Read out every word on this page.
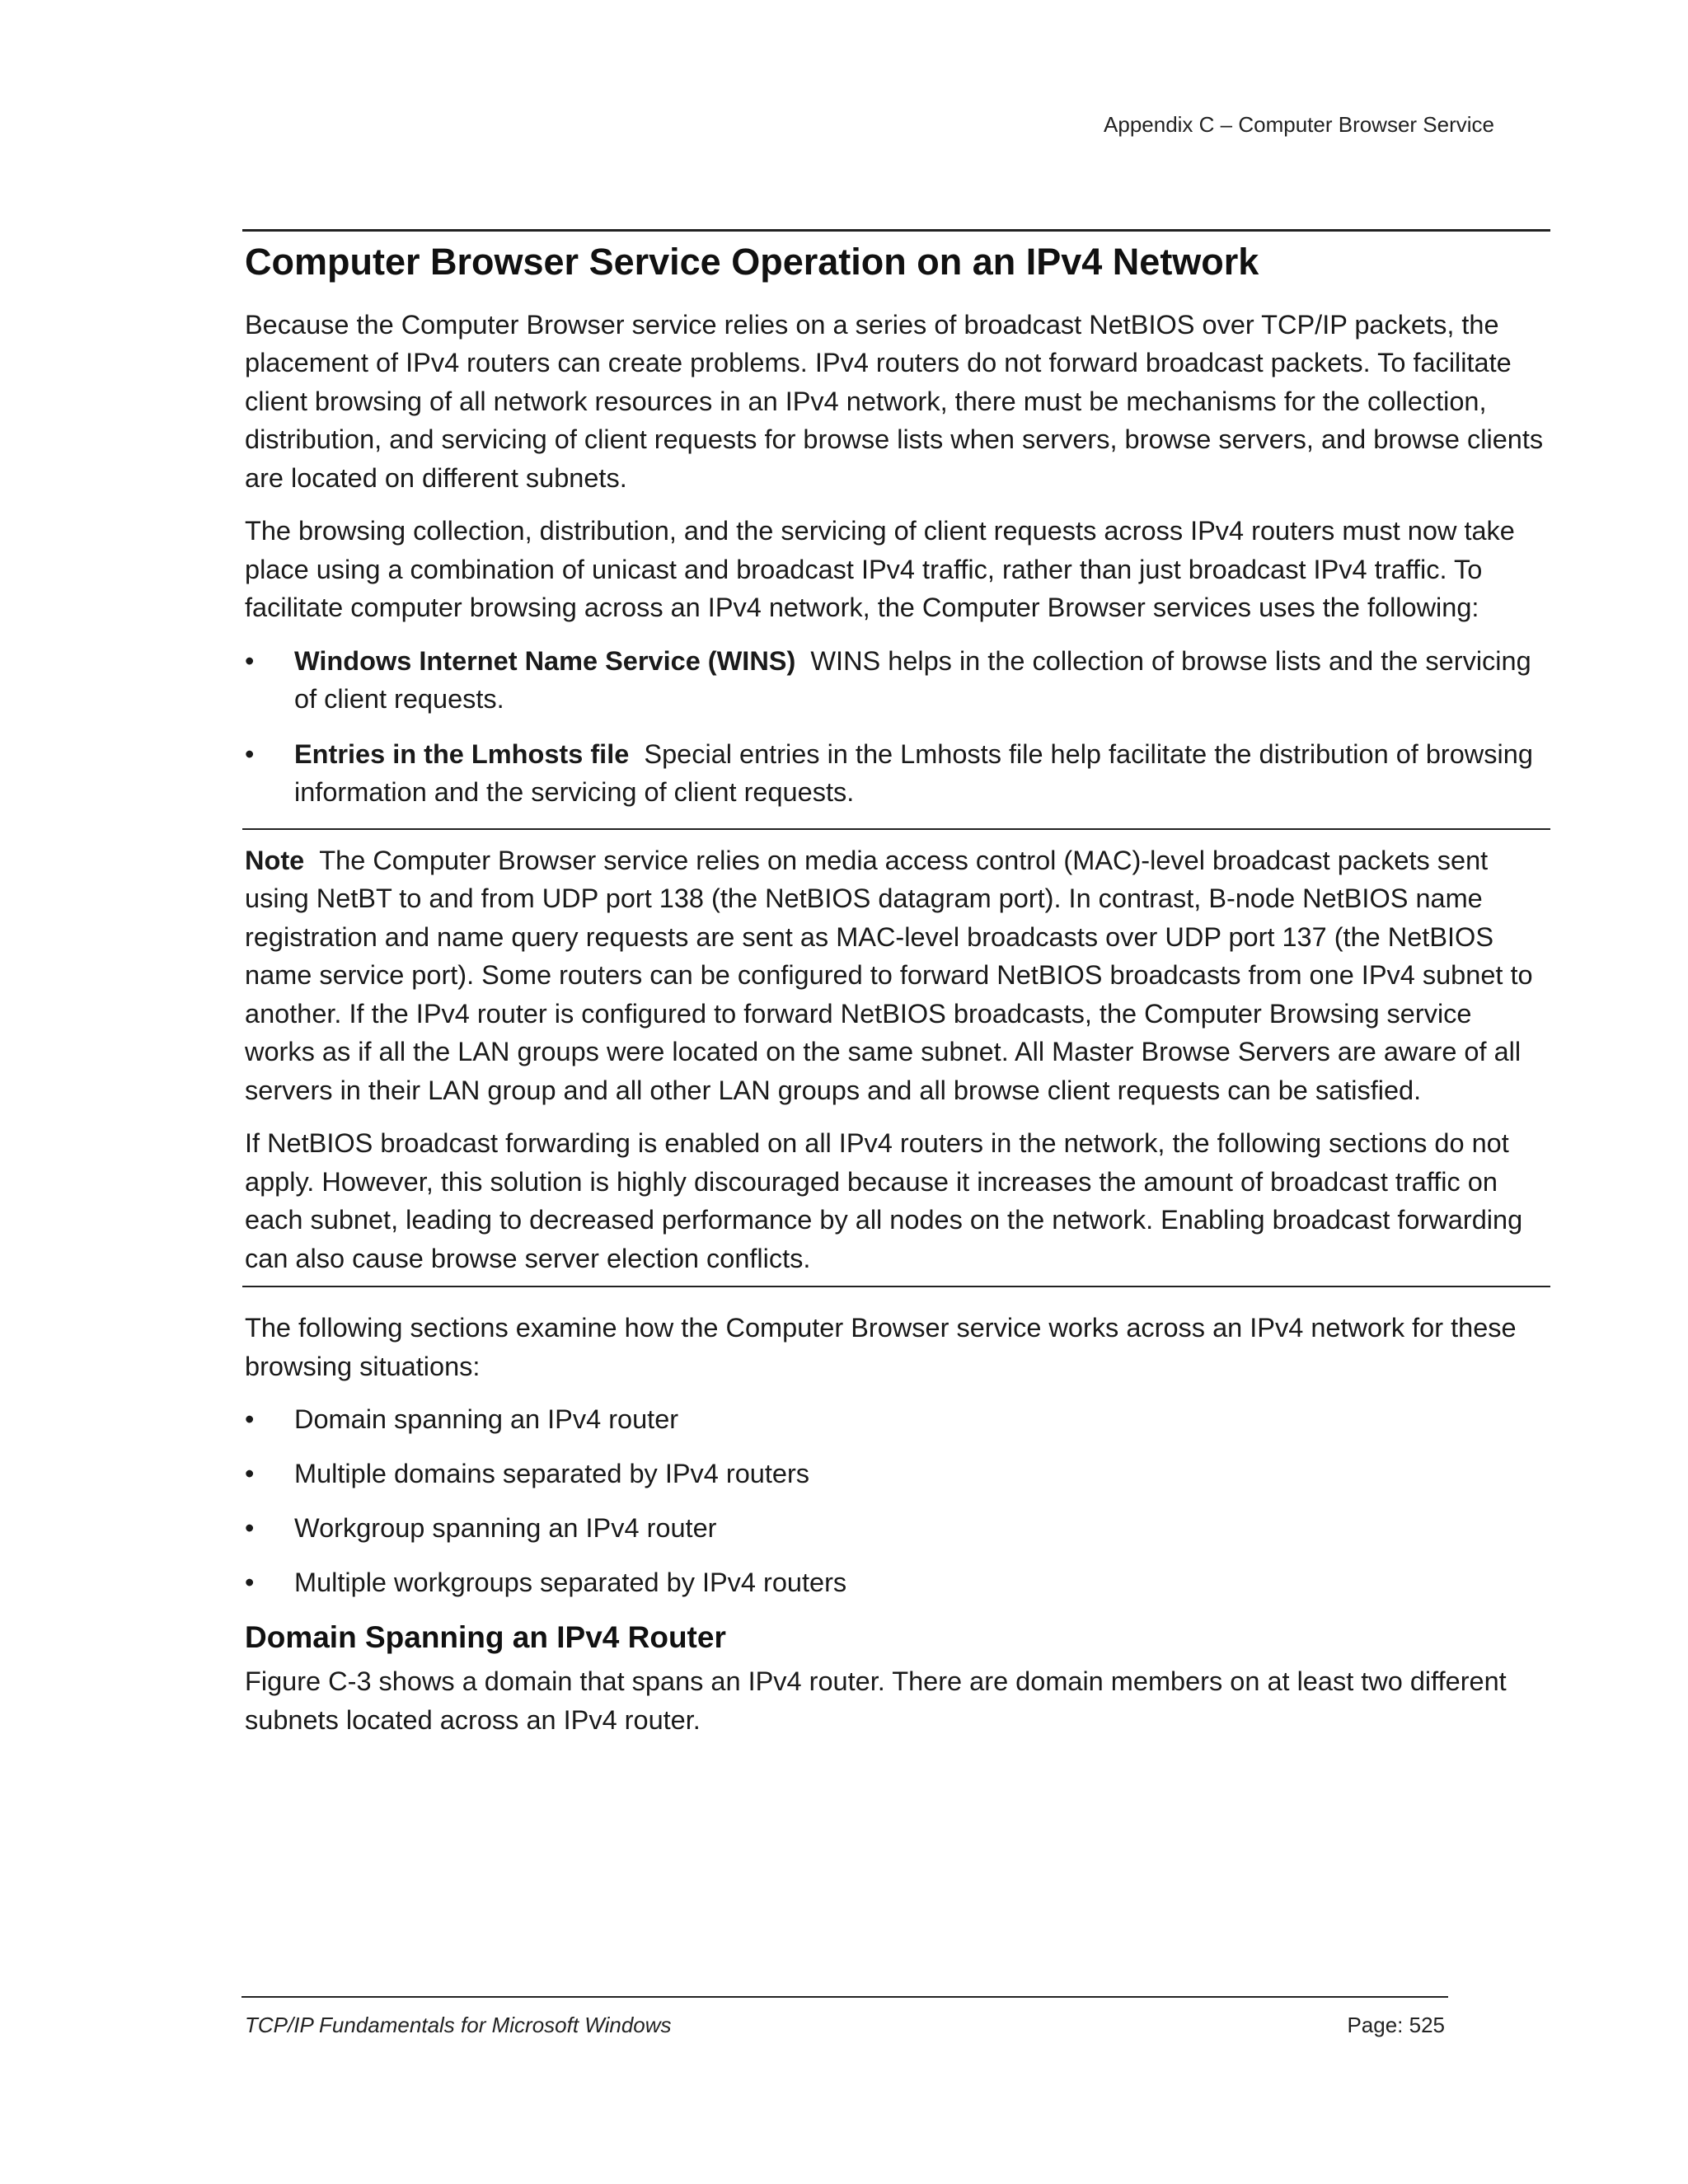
Appendix C – Computer Browser Service
Computer Browser Service Operation on an IPv4 Network

Because the Computer Browser service relies on a series of broadcast NetBIOS over TCP/IP packets, the placement of IPv4 routers can create problems. IPv4 routers do not forward broadcast packets. To facilitate client browsing of all network resources in an IPv4 network, there must be mechanisms for the collection, distribution, and servicing of client requests for browse lists when servers, browse servers, and browse clients are located on different subnets.

The browsing collection, distribution, and the servicing of client requests across IPv4 routers must now take place using a combination of unicast and broadcast IPv4 traffic, rather than just broadcast IPv4 traffic. To facilitate computer browsing across an IPv4 network, the Computer Browser services uses the following:

• Windows Internet Name Service (WINS) WINS helps in the collection of browse lists and the servicing of client requests.
• Entries in the Lmhosts file Special entries in the Lmhosts file help facilitate the distribution of browsing information and the servicing of client requests.

Note The Computer Browser service relies on media access control (MAC)-level broadcast packets sent using NetBT to and from UDP port 138 (the NetBIOS datagram port). In contrast, B-node NetBIOS name registration and name query requests are sent as MAC-level broadcasts over UDP port 137 (the NetBIOS name service port). Some routers can be configured to forward NetBIOS broadcasts from one IPv4 subnet to another. If the IPv4 router is configured to forward NetBIOS broadcasts, the Computer Browsing service works as if all the LAN groups were located on the same subnet. All Master Browse Servers are aware of all servers in their LAN group and all other LAN groups and all browse client requests can be satisfied.

If NetBIOS broadcast forwarding is enabled on all IPv4 routers in the network, the following sections do not apply. However, this solution is highly discouraged because it increases the amount of broadcast traffic on each subnet, leading to decreased performance by all nodes on the network. Enabling broadcast forwarding can also cause browse server election conflicts.

The following sections examine how the Computer Browser service works across an IPv4 network for these browsing situations:

• Domain spanning an IPv4 router
• Multiple domains separated by IPv4 routers
• Workgroup spanning an IPv4 router
• Multiple workgroups separated by IPv4 routers
Domain Spanning an IPv4 Router

Figure C-3 shows a domain that spans an IPv4 router. There are domain members on at least two different subnets located across an IPv4 router.

TCP/IP Fundamentals for Microsoft Windows	Page: 525
